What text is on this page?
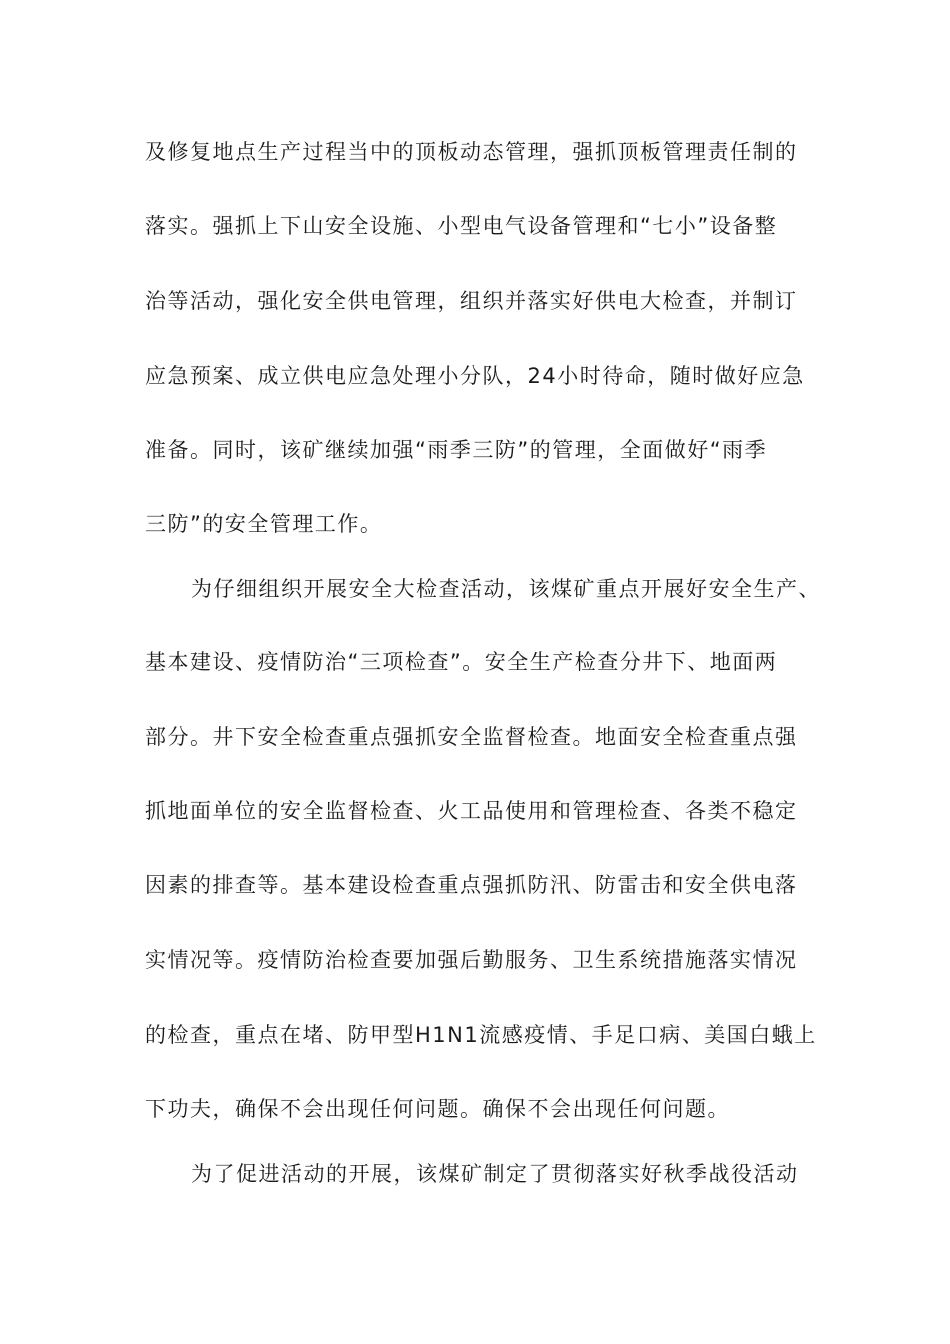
及修复地点生产过程当中的顶板动态管理，强抓顶板管理责任制的
落实。强抓上下山安全设施、小型电气设备管理和“七小”设备整
治等活动，强化安全供电管理，组织并落实好供电大检查，并制订
应急预案、成立供电应急处理小分队，24小时待命，随时做好应急
准备。同时，该矿继续加强“雨季三防”的管理，全面做好“雨季
三防”的安全管理工作。
为仔细组织开展安全大检查活动，该煤矿重点开展好安全生产、
基本建设、疫情防治“三项检查”。安全生产检查分井下、地面两
部分。井下安全检查重点强抓安全监督检查。地面安全检查重点强
抓地面单位的安全监督检查、火工品使用和管理检查、各类不稳定
因素的排查等。基本建设检查重点强抓防汛、防雷击和安全供电落
实情况等。疫情防治检查要加强后勤服务、卫生系统措施落实情况
的检查，重点在堵、防甲型H1N1流感疫情、手足口病、美国白蛾上
下功夫，确保不会出现任何问题。确保不会出现任何问题。
为了促进活动的开展，该煤矿制定了贯彻落实好秋季战役活动
